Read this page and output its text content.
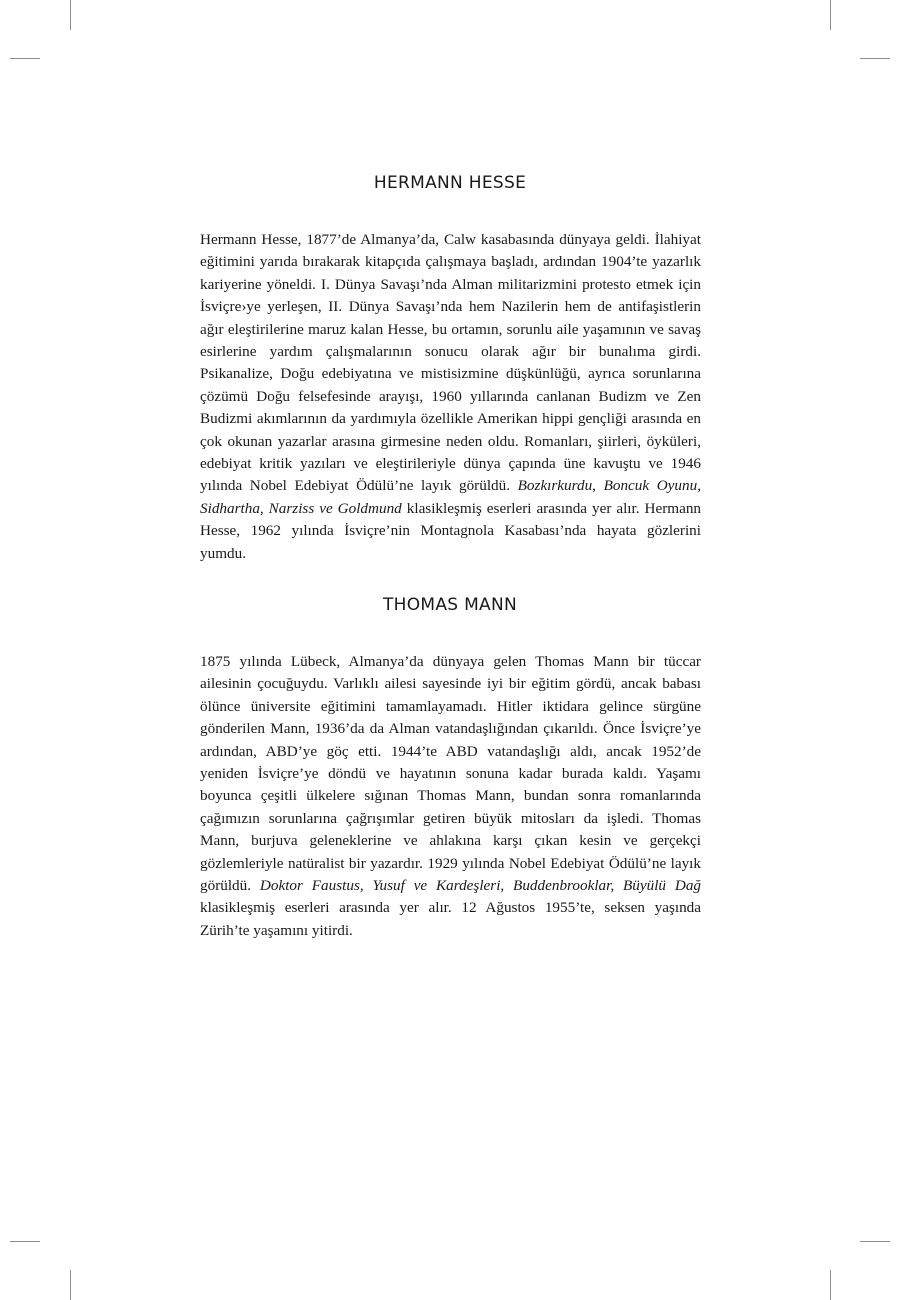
HERMANN HESSE

Hermann Hesse, 1877’de Almanya’da, Calw kasabasında dünyaya geldi. İlahiyat eğitimini yarıda bırakarak kitapçıda çalışmaya başladı, ardından 1904’te yazarlık kariyerine yöneldi. I. Dünya Savaşı’nda Alman militarizmini protesto etmek için İsviçre›ye yerleşen, II. Dünya Savaşı’nda hem Nazilerin hem de antifaşistlerin ağır eleştirilerine maruz kalan Hesse, bu ortamın, sorunlu aile yaşamının ve savaş esirlerine yardım çalışmalarının sonucu olarak ağır bir bunalıma girdi. Psikanalize, Doğu edebiyatına ve mistisizmine düşkünlüğü, ayrıca sorunlarına çözümü Doğu felsefesinde arayışı, 1960 yıllarında canlanan Budizm ve Zen Budizmi akımlarının da yardımıyla özellikle Amerikan hippi gençliği arasında en çok okunan yazarlar arasına girmesine neden oldu. Romanları, şiirleri, öyküleri, edebiyat kritik yazıları ve eleştirileriyle dünya çapında üne kavuştu ve 1946 yılında Nobel Edebiyat Ödülü’ne layık görüldü. Bozkırkurdu, Boncuk Oyunu, Sidhartha, Narziss ve Goldmund klasikleşmiş eserleri arasında yer alır. Hermann Hesse, 1962 yılında İsviçre’nin Montagnola Kasabası’nda hayata gözlerini yumdu.

THOMAS MANN

1875 yılında Lübeck, Almanya’da dünyaya gelen Thomas Mann bir tüccar ailesinin çocuğuydu. Varlıklı ailesi sayesinde iyi bir eğitim gördü, ancak babası ölünce üniversite eğitimini tamamlayamadı. Hitler iktidara gelince sürgüne gönderilen Mann, 1936’da da Alman vatandaşlığından çıkarıldı. Önce İsviçre’ye ardından, ABD’ye göç etti. 1944’te ABD vatandaşlığı aldı, ancak 1952’de yeniden İsviçre’ye döndü ve hayatının sonuna kadar burada kaldı. Yaşamı boyunca çeşitli ülkelere sığınan Thomas Mann, bundan sonra romanlarında çağımızın sorunlarına çağrışımlar getiren büyük mitosları da işledi. Thomas Mann, burjuva geleneklerine ve ahlakına karşı çıkan kesin ve gerçekçi gözlemleriyle natüralist bir yazardır. 1929 yılında Nobel Edebiyat Ödülü’ne layık görüldü. Doktor Faustus, Yusuf ve Kardeşleri, Buddenbrooklar, Büyülü Dağ klasikleşmiş eserleri arasında yer alır. 12 Ağustos 1955’te, seksen yaşında Zürih’te yaşamını yitirdi.
